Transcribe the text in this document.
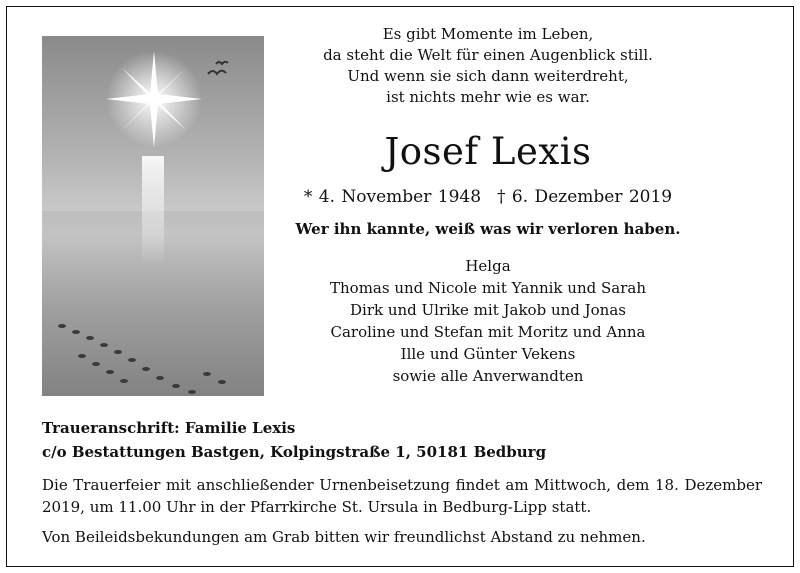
Es gibt Momente im Leben,
da steht die Welt für einen Augenblick still.
Und wenn sie sich dann weiterdreht,
ist nichts mehr wie es war.
Josef Lexis
* 4. November 1948 † 6. Dezember 2019
Wer ihn kannte, weiß was wir verloren haben.
Helga
Thomas und Nicole mit Yannik und Sarah
Dirk und Ulrike mit Jakob und Jonas
Caroline und Stefan mit Moritz und Anna
Ille und Günter Vekens
sowie alle Anverwandten
Traueranschrift: Familie Lexis
c/o Bestattungen Bastgen, Kolpingstraße 1, 50181 Bedburg
Die Trauerfeier mit anschließender Urnenbeisetzung findet am Mittwoch, dem 18. Dezember 2019, um 11.00 Uhr in der Pfarrkirche St. Ursula in Bedburg-Lipp statt.
Von Beileidsbekundungen am Grab bitten wir freundlichst Abstand zu nehmen.
